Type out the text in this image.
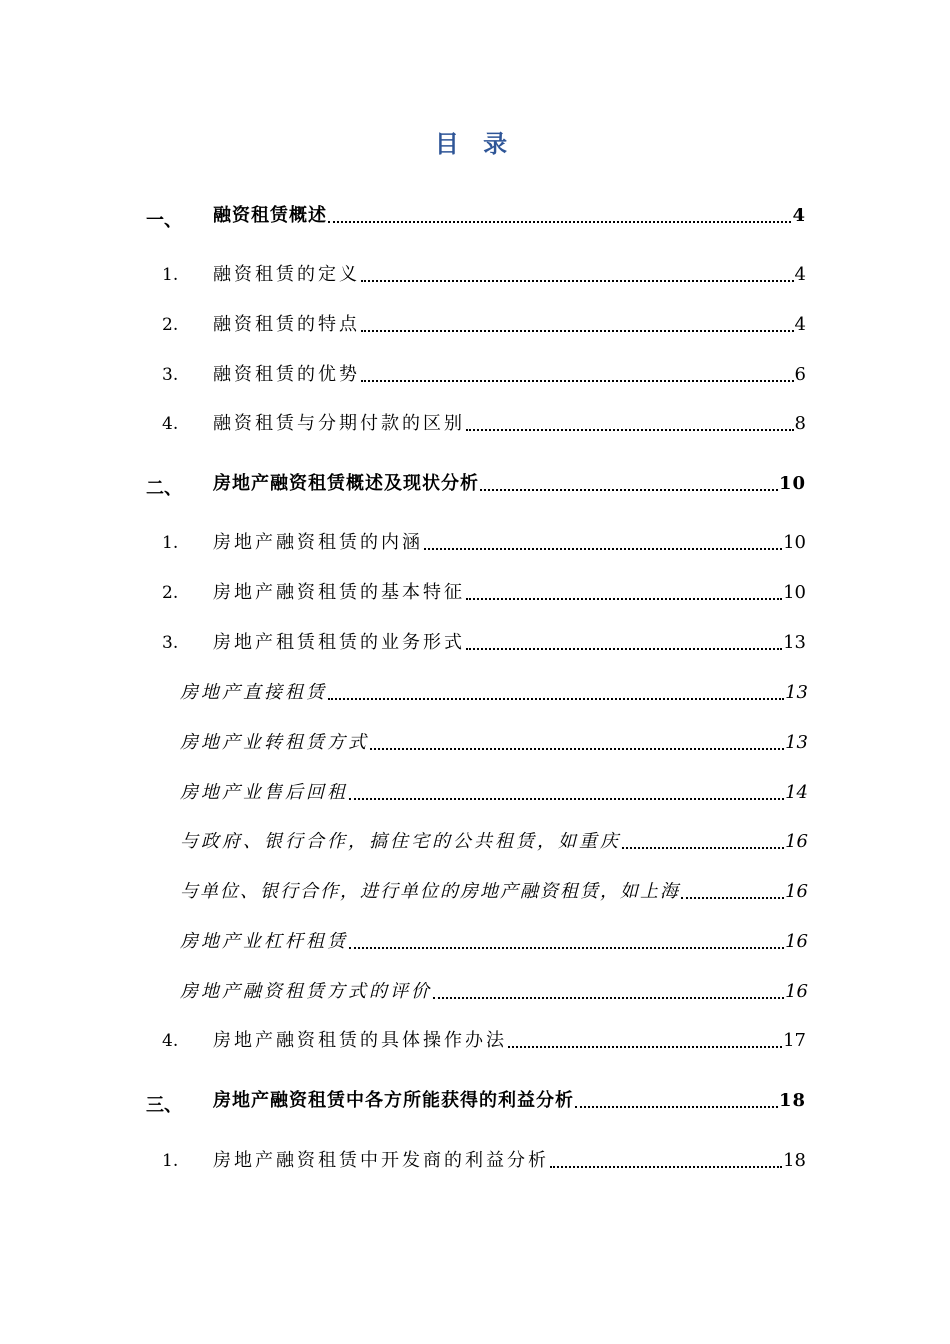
目 录
一、 融资租赁概述	4
1. 融资租赁的定义	4
2. 融资租赁的特点	4
3. 融资租赁的优势	6
4. 融资租赁与分期付款的区别	8
二、 房地产融资租赁概述及现状分析	10
1. 房地产融资租赁的内涵	10
2. 房地产融资租赁的基本特征	10
3. 房地产租赁租赁的业务形式	13
房地产直接租赁	13
房地产业转租赁方式	13
房地产业售后回租	14
与政府、银行合作，搞住宅的公共租赁，如重庆	16
与单位、银行合作，进行单位的房地产融资租赁，如上海	16
房地产业杠杆租赁	16
房地产融资租赁方式的评价	16
4. 房地产融资租赁的具体操作办法	17
三、 房地产融资租赁中各方所能获得的利益分析	18
1. 房地产融资租赁中开发商的利益分析	18
